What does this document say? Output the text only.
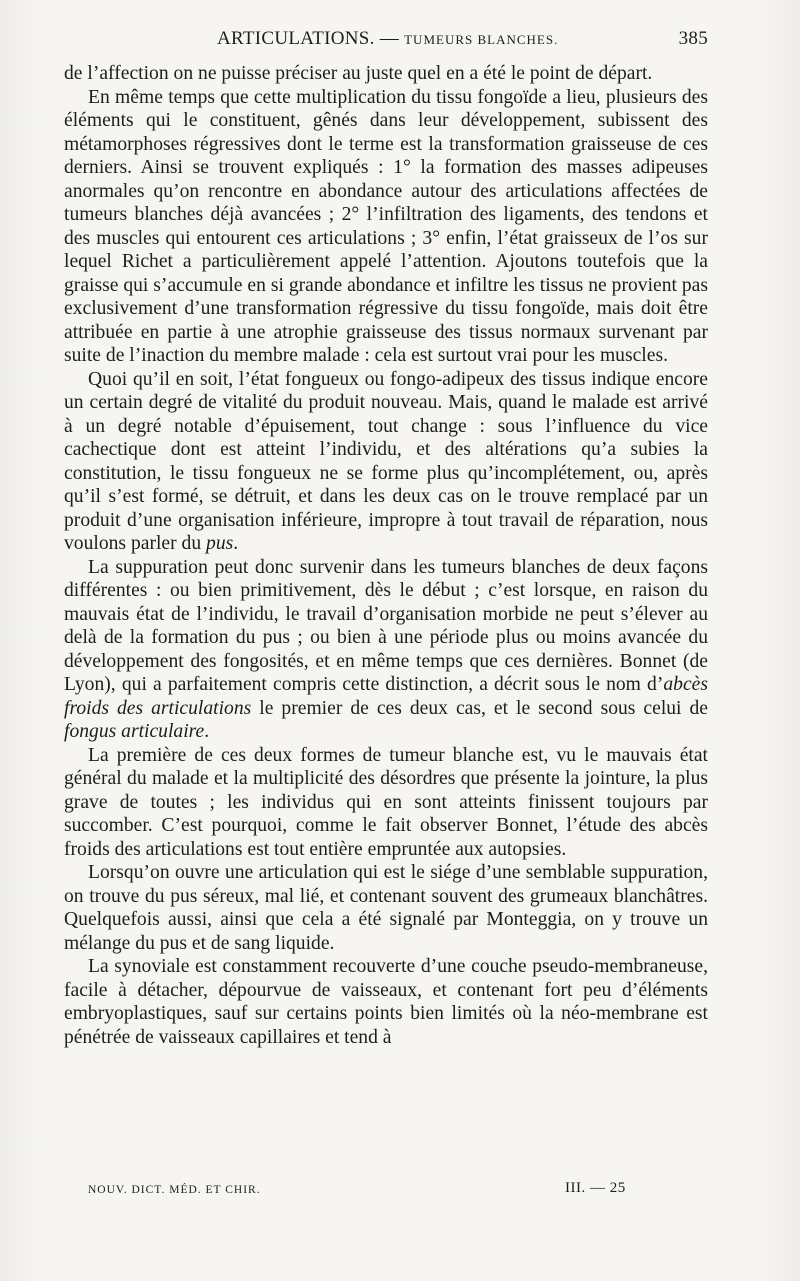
ARTICULATIONS. — TUMEURS BLANCHES.	385

de l’affection on ne puisse préciser au juste quel en a été le point de départ.

En même temps que cette multiplication du tissu fongoïde a lieu, plusieurs des éléments qui le constituent, gênés dans leur développement, subissent des métamorphoses régressives dont le terme est la transformation graisseuse de ces derniers. Ainsi se trouvent expliqués : 1° la formation des masses adipeuses anormales qu’on rencontre en abondance autour des articulations affectées de tumeurs blanches déjà avancées ; 2° l’infiltration des ligaments, des tendons et des muscles qui entourent ces articulations ; 3° enfin, l’état graisseux de l’os sur lequel Richet a particulièrement appelé l’attention. Ajoutons toutefois que la graisse qui s’accumule en si grande abondance et infiltre les tissus ne provient pas exclusivement d’une transformation régressive du tissu fongoïde, mais doit être attribuée en partie à une atrophie graisseuse des tissus normaux survenant par suite de l’inaction du membre malade : cela est surtout vrai pour les muscles.

Quoi qu’il en soit, l’état fongueux ou fongo-adipeux des tissus indique encore un certain degré de vitalité du produit nouveau. Mais, quand le malade est arrivé à un degré notable d’épuisement, tout change : sous l’influence du vice cachectique dont est atteint l’individu, et des altérations qu’a subies la constitution, le tissu fongueux ne se forme plus qu’incomplétement, ou, après qu’il s’est formé, se détruit, et dans les deux cas on le trouve remplacé par un produit d’une organisation inférieure, impropre à tout travail de réparation, nous voulons parler du pus.

La suppuration peut donc survenir dans les tumeurs blanches de deux façons différentes : ou bien primitivement, dès le début ; c’est lorsque, en raison du mauvais état de l’individu, le travail d’organisation morbide ne peut s’élever au delà de la formation du pus ; ou bien à une période plus ou moins avancée du développement des fongosités, et en même temps que ces dernières. Bonnet (de Lyon), qui a parfaitement compris cette distinction, a décrit sous le nom d’abcès froids des articulations le premier de ces deux cas, et le second sous celui de fongus articulaire.

La première de ces deux formes de tumeur blanche est, vu le mauvais état général du malade et la multiplicité des désordres que présente la jointure, la plus grave de toutes ; les individus qui en sont atteints finissent toujours par succomber. C’est pourquoi, comme le fait observer Bonnet, l’étude des abcès froids des articulations est tout entière empruntée aux autopsies.

Lorsqu’on ouvre une articulation qui est le siége d’une semblable suppuration, on trouve du pus séreux, mal lié, et contenant souvent des grumeaux blanchâtres. Quelquefois aussi, ainsi que cela a été signalé par Monteggia, on y trouve un mélange du pus et de sang liquide.

La synoviale est constamment recouverte d’une couche pseudo-membraneuse, facile à détacher, dépourvue de vaisseaux, et contenant fort peu d’éléments embryoplastiques, sauf sur certains points bien limités où la néo-membrane est pénétrée de vaisseaux capillaires et tend à

NOUV. DICT. MÉD. ET CHIR.	III. — 25
